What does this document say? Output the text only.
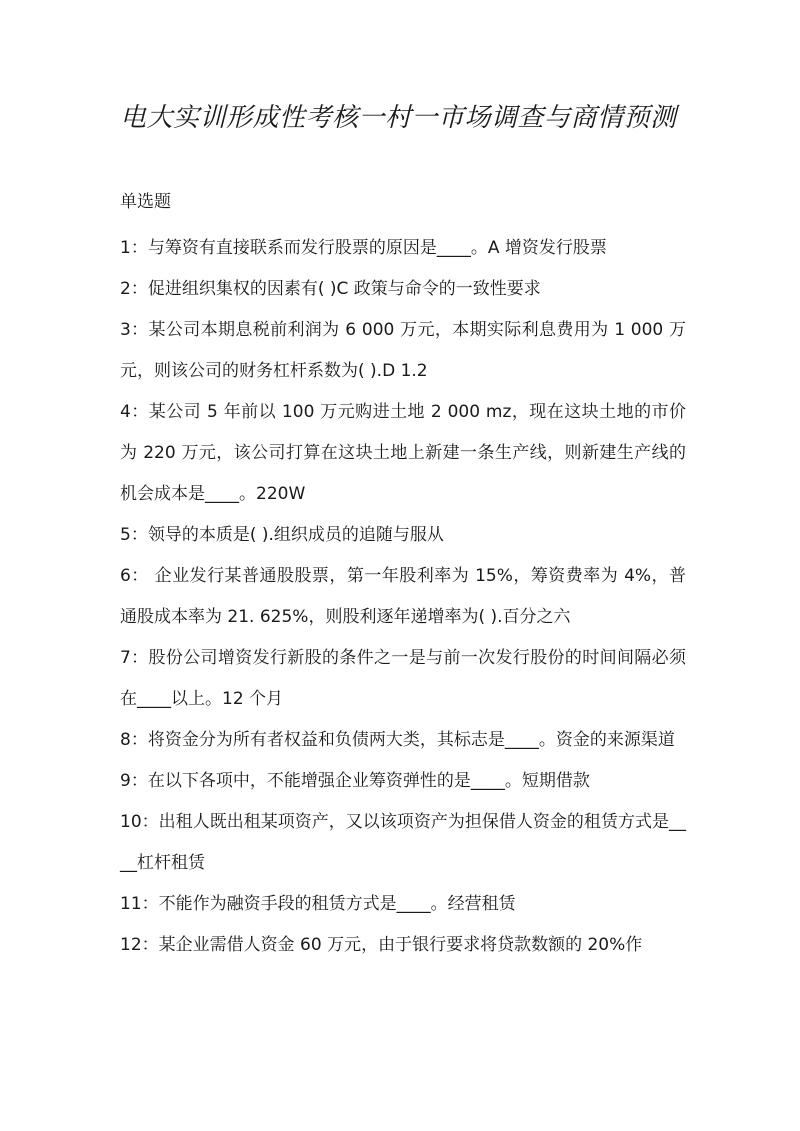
电大实训形成性考核一村一市场调查与商情预测
单选题

1：与筹资有直接联系而发行股票的原因是____。A 增资发行股票

2：促进组织集权的因素有( )C 政策与命令的一致性要求

3：某公司本期息税前利润为 6 000 万元，本期实际利息费用为 1 000 万元，则该公司的财务杠杆系数为( ).D 1.2

4：某公司 5 年前以 100 万元购进土地 2 000 mz，现在这块土地的市价为 220 万元，该公司打算在这块土地上新建一条生产线，则新建生产线的机会成本是____。220W

5：领导的本质是( ).组织成员的追随与服从

6： 企业发行某普通股股票，第一年股利率为 15%，筹资费率为 4%，普通股成本率为 21. 625%，则股利逐年递增率为( ).百分之六

7：股份公司增资发行新股的条件之一是与前一次发行股份的时间间隔必须在____以上。12 个月

8：将资金分为所有者权益和负债两大类，其标志是____。资金的来源渠道

9：在以下各项中，不能增强企业筹资弹性的是____。短期借款

10：出租人既出租某项资产，又以该项资产为担保借人资金的租赁方式是____杠杆租赁

11：不能作为融资手段的租赁方式是____。经营租赁

12：某企业需借人资金 60 万元，由于银行要求将贷款数额的 20%作
